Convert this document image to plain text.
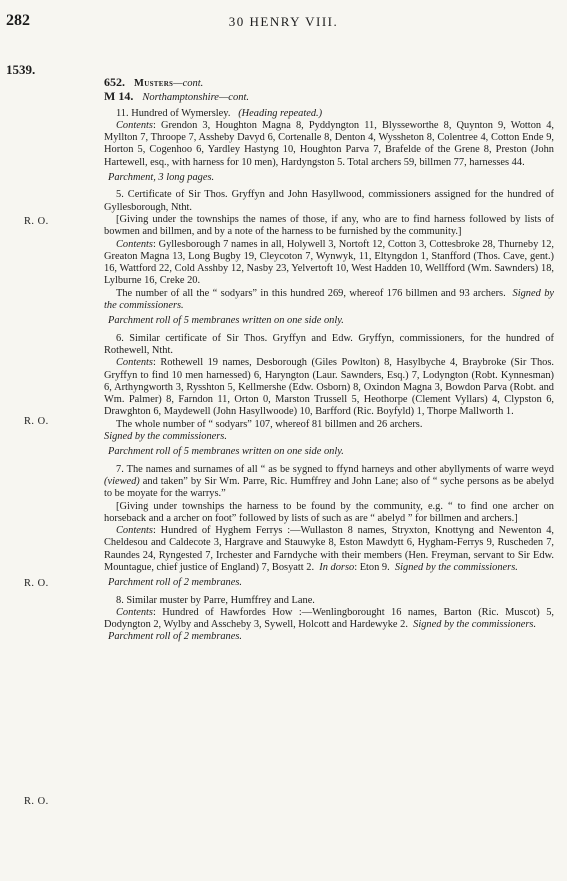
282	30 HENRY VIII.
1539.
R. O.
R. O.
R. O.
R. O.

652. Musters—cont.

M 14. Northamptonshire—cont.

11. Hundred of Wymersley. (Heading repeated.)

Contents: Grendon 3, Houghton Magna 8, Pyddyngton 11, Blysseworthe 8, Quynton 9, Wotton 4, Myllton 7, Throope 7, Assheby Davyd 6, Cortenalle 8, Denton 4, Wyssheton 8, Colentree 4, Cotton Ende 9, Horton 5, Cogenhoo 6, Yardley Hastyng 10, Houghton Parva 7, Brafelde of the Grene 8, Preston (John Hartewell, esq., with harness for 10 men), Hardyngston 5. Total archers 59, billmen 77, harnesses 44.

Parchment, 3 long pages.

5. Certificate of Sir Thos. Gryffyn and John Hasyllwood, commissioners assigned for the hundred of Gyllesborough, Ntht.

[Giving under the townships the names of those, if any, who are to find harness followed by lists of bowmen and billmen, and by a note of the harness to be furnished by the community.]

Contents: Gyllesborough 7 names in all, Holywell 3, Nortoft 12, Cotton 3, Cottesbroke 28, Thurneby 12, Greaton Magna 13, Long Bugby 19, Cleycoton 7, Wynwyk, 11, Eltyngdon 1, Stanfford (Thos. Cave, gent.) 16, Wattford 22, Cold Asshby 12, Nasby 23, Yelvertoft 10, West Hadden 10, Wellfford (Wm. Sawnders) 18, Lylburne 16, Creke 20.

The number of all the “ sodyars” in this hundred 269, whereof 176 billmen and 93 archers. Signed by the commissioners.

Parchment roll of 5 membranes written on one side only.

6. Similar certificate of Sir Thos. Gryffyn and Edw. Gryffyn, commissioners, for the hundred of Rothewell, Ntht.

Contents: Rothewell 19 names, Desborough (Giles Powlton) 8, Hasylbyche 4, Braybroke (Sir Thos. Gryffyn to find 10 men harnessed) 6, Haryngton (Laur. Sawnders, Esq.) 7, Lodyngton (Robt. Kynnesman) 6, Arthyngworth 3, Rysshton 5, Kellmershe (Edw. Osborn) 8, Oxindon Magna 3, Bowdon Parva (Robt. and Wm. Palmer) 8, Farndon 11, Orton 0, Marston Trussell 5, Heothorpe (Clement Vyllars) 4, Clypston 6, Drawghton 6, Maydewell (John Hasyllwoode) 10, Barfford (Ric. Boyfyld) 1, Thorpe Mallworth 1.

The whole number of “ sodyars” 107, whereof 81 billmen and 26 archers.
Signed by the commissioners.

Parchment roll of 5 membranes written on one side only.

7. The names and surnames of all “ as be sygned to ffynd harneys and other abyllyments of warre weyd (viewed) and taken” by Sir Wm. Parre, Ric. Humffrey and John Lane; also of “ syche persons as be abelyd to be moyate for the warrys.”

[Giving under townships the harness to be found by the community, e.g. “ to find one archer on horseback and a archer on foot” followed by lists of such as are “ abelyd ” for billmen and archers.]

Contents: Hundred of Hyghem Ferrys :—Wullaston 8 names, Stryxton, Knottyng and Newenton 4, Cheldesou and Caldecote 3, Hargrave and Stauwyke 8, Eston Mawdytt 6, Hygham-Ferrys 9, Ruscheden 7, Raundes 24, Ryngested 7, Irchester and Farndyche with their members (Hen. Freyman, servant to Sir Edw. Mountague, chief justice of England) 7, Bosyatt 2. In dorso: Eton 9. Signed by the commissioners.

Parchment roll of 2 membranes.

8. Similar muster by Parre, Humffrey and Lane.

Contents: Hundred of Hawfordes How :—Wenlingborought 16 names, Barton (Ric. Muscot) 5, Dodyngton 2, Wylby and Asscheby 3, Sywell, Holcott and Hardewyke 2. Signed by the commissioners.

Parchment roll of 2 membranes.
